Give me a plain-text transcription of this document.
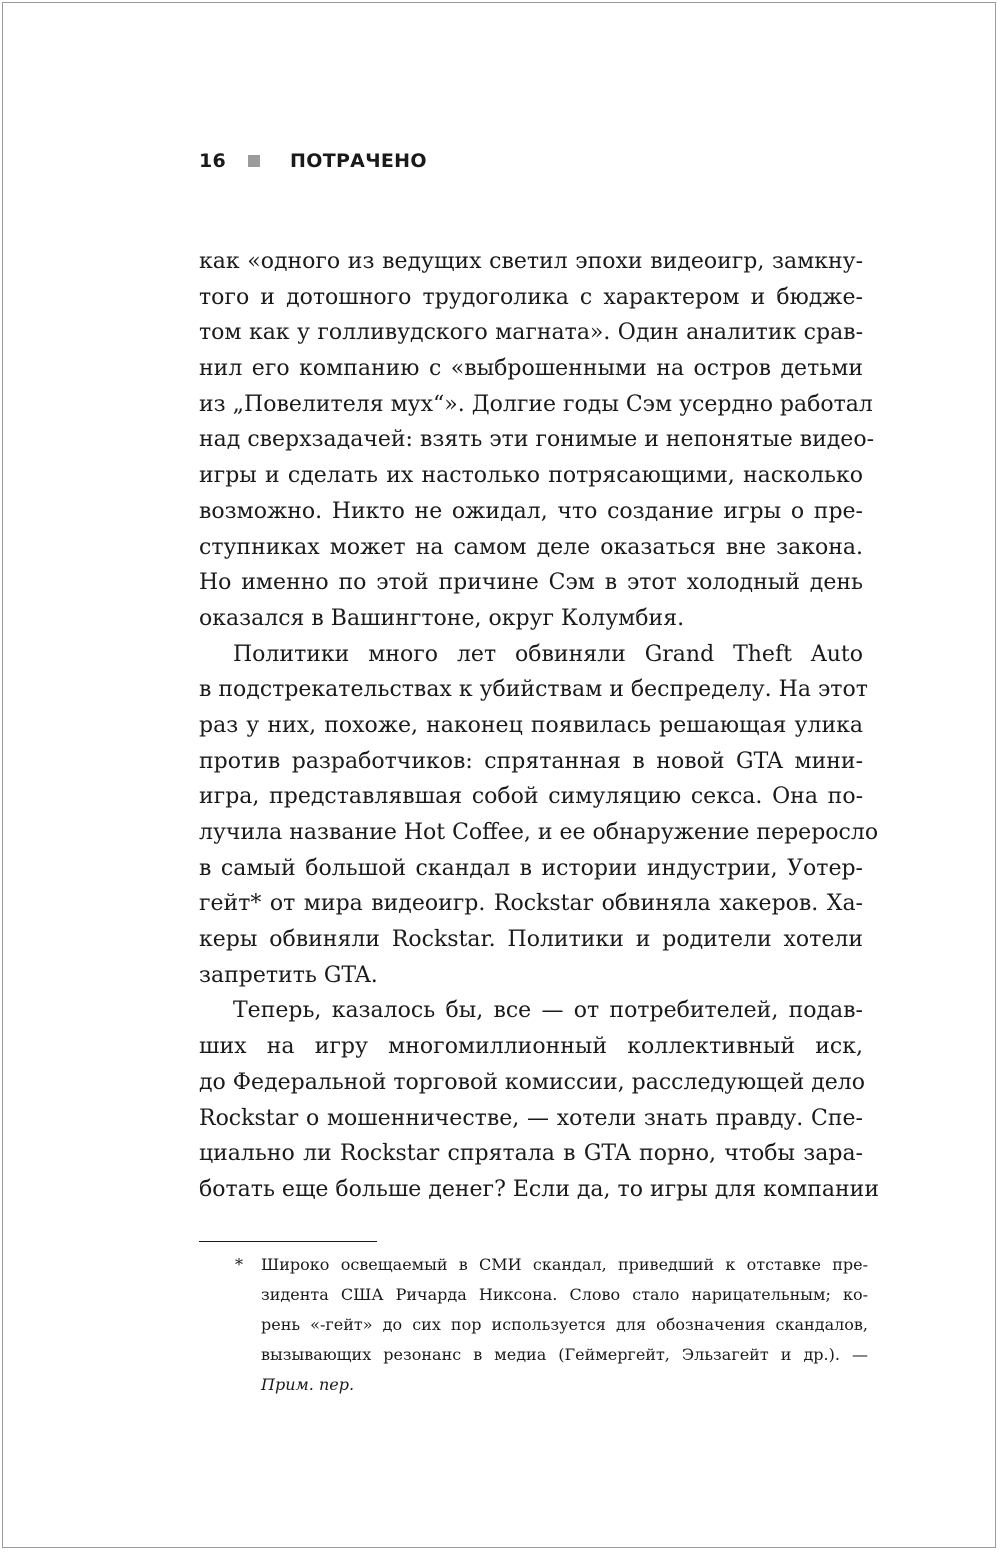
16	ПОТРАЧЕНО
как «одного из ведущих светил эпохи видеоигр, замкну-
того и дотошного трудоголика с характером и бюдже-
том как у голливудского магната». Один аналитик срав-
нил его компанию с «выброшенными на остров детьми
из „Повелителя мух“». Долгие годы Сэм усердно работал
над сверхзадачей: взять эти гонимые и непонятые видео-
игры и сделать их настолько потрясающими, насколько
возможно. Никто не ожидал, что создание игры о пре-
ступниках может на самом деле оказаться вне закона.
Но именно по этой причине Сэм в этот холодный день
оказался в Вашингтоне, округ Колумбия.
Политики много лет обвиняли Grand Theft Auto
в подстрекательствах к убийствам и беспределу. На этот
раз у них, похоже, наконец появилась решающая улика
против разработчиков: спрятанная в новой GTA мини-
игра, представлявшая собой симуляцию секса. Она по-
лучила название Hot Coffee, и ее обнаружение переросло
в самый большой скандал в истории индустрии, Уотер-
гейт* от мира видеоигр. Rockstar обвиняла хакеров. Ха-
керы обвиняли Rockstar. Политики и родители хотели
запретить GTA.
Теперь, казалось бы, все — от потребителей, подав-
ших на игру многомиллионный коллективный иск,
до Федеральной торговой комиссии, расследующей дело
Rockstar о мошенничестве, — хотели знать правду. Спе-
циально ли Rockstar спрятала в GTA порно, чтобы зара-
ботать еще больше денег? Если да, то игры для компании
* Широко освещаемый в СМИ скандал, приведший к отставке пре-
зидента США Ричарда Никсона. Слово стало нарицательным; ко-
рень «-гейт» до сих пор используется для обозначения скандалов,
вызывающих резонанс в медиа (Геймергейт, Эльзагейт и др.). —
Прим. пер.
